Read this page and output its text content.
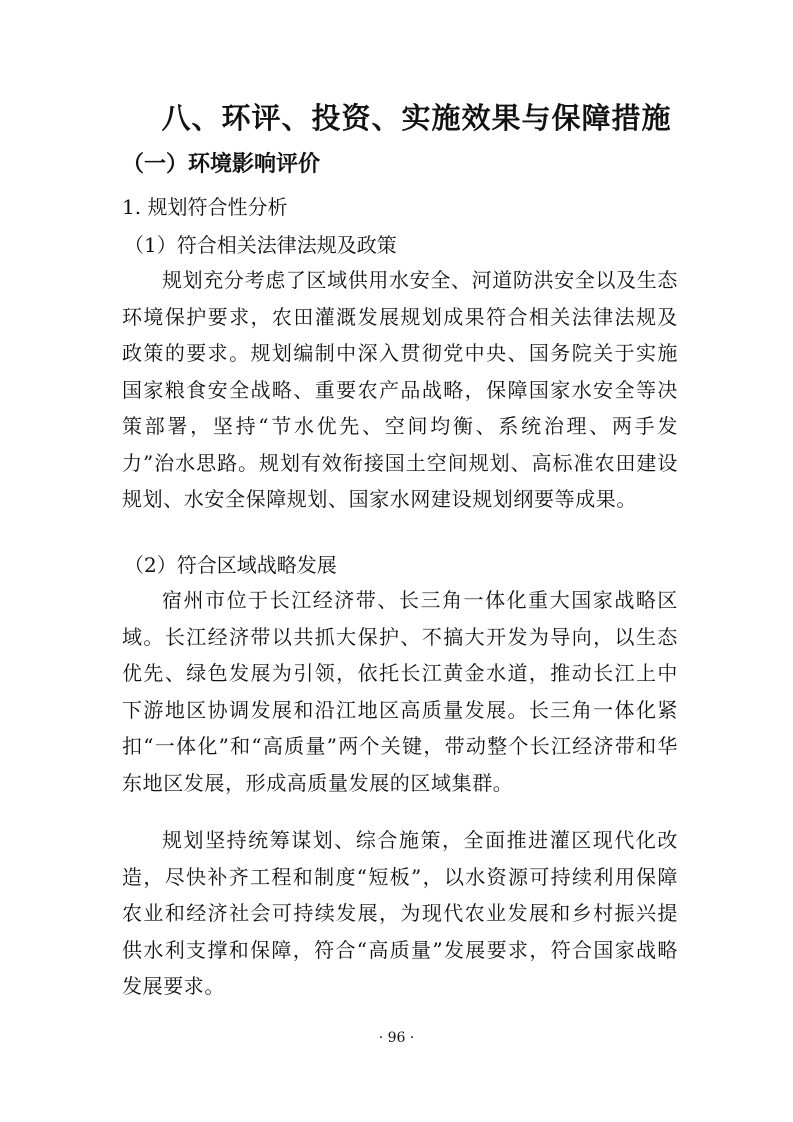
八、环评、投资、实施效果与保障措施
（一）环境影响评价

1. 规划符合性分析

（1）符合相关法律法规及政策

规划充分考虑了区域供用水安全、河道防洪安全以及生态环境保护要求，农田灌溉发展规划成果符合相关法律法规及政策的要求。规划编制中深入贯彻党中央、国务院关于实施国家粮食安全战略、重要农产品战略，保障国家水安全等决策部署，坚持“节水优先、空间均衡、系统治理、两手发力”治水思路。规划有效衔接国土空间规划、高标准农田建设规划、水安全保障规划、国家水网建设规划纲要等成果。

（2）符合区域战略发展

宿州市位于长江经济带、长三角一体化重大国家战略区域。长江经济带以共抓大保护、不搞大开发为导向，以生态优先、绿色发展为引领，依托长江黄金水道，推动长江上中下游地区协调发展和沿江地区高质量发展。长三角一体化紧扣“一体化”和“高质量”两个关键，带动整个长江经济带和华东地区发展，形成高质量发展的区域集群。

规划坚持统筹谋划、综合施策，全面推进灌区现代化改造，尽快补齐工程和制度“短板”，以水资源可持续利用保障农业和经济社会可持续发展，为现代农业发展和乡村振兴提供水利支撑和保障，符合“高质量”发展要求，符合国家战略发展要求。

· 96 ·
